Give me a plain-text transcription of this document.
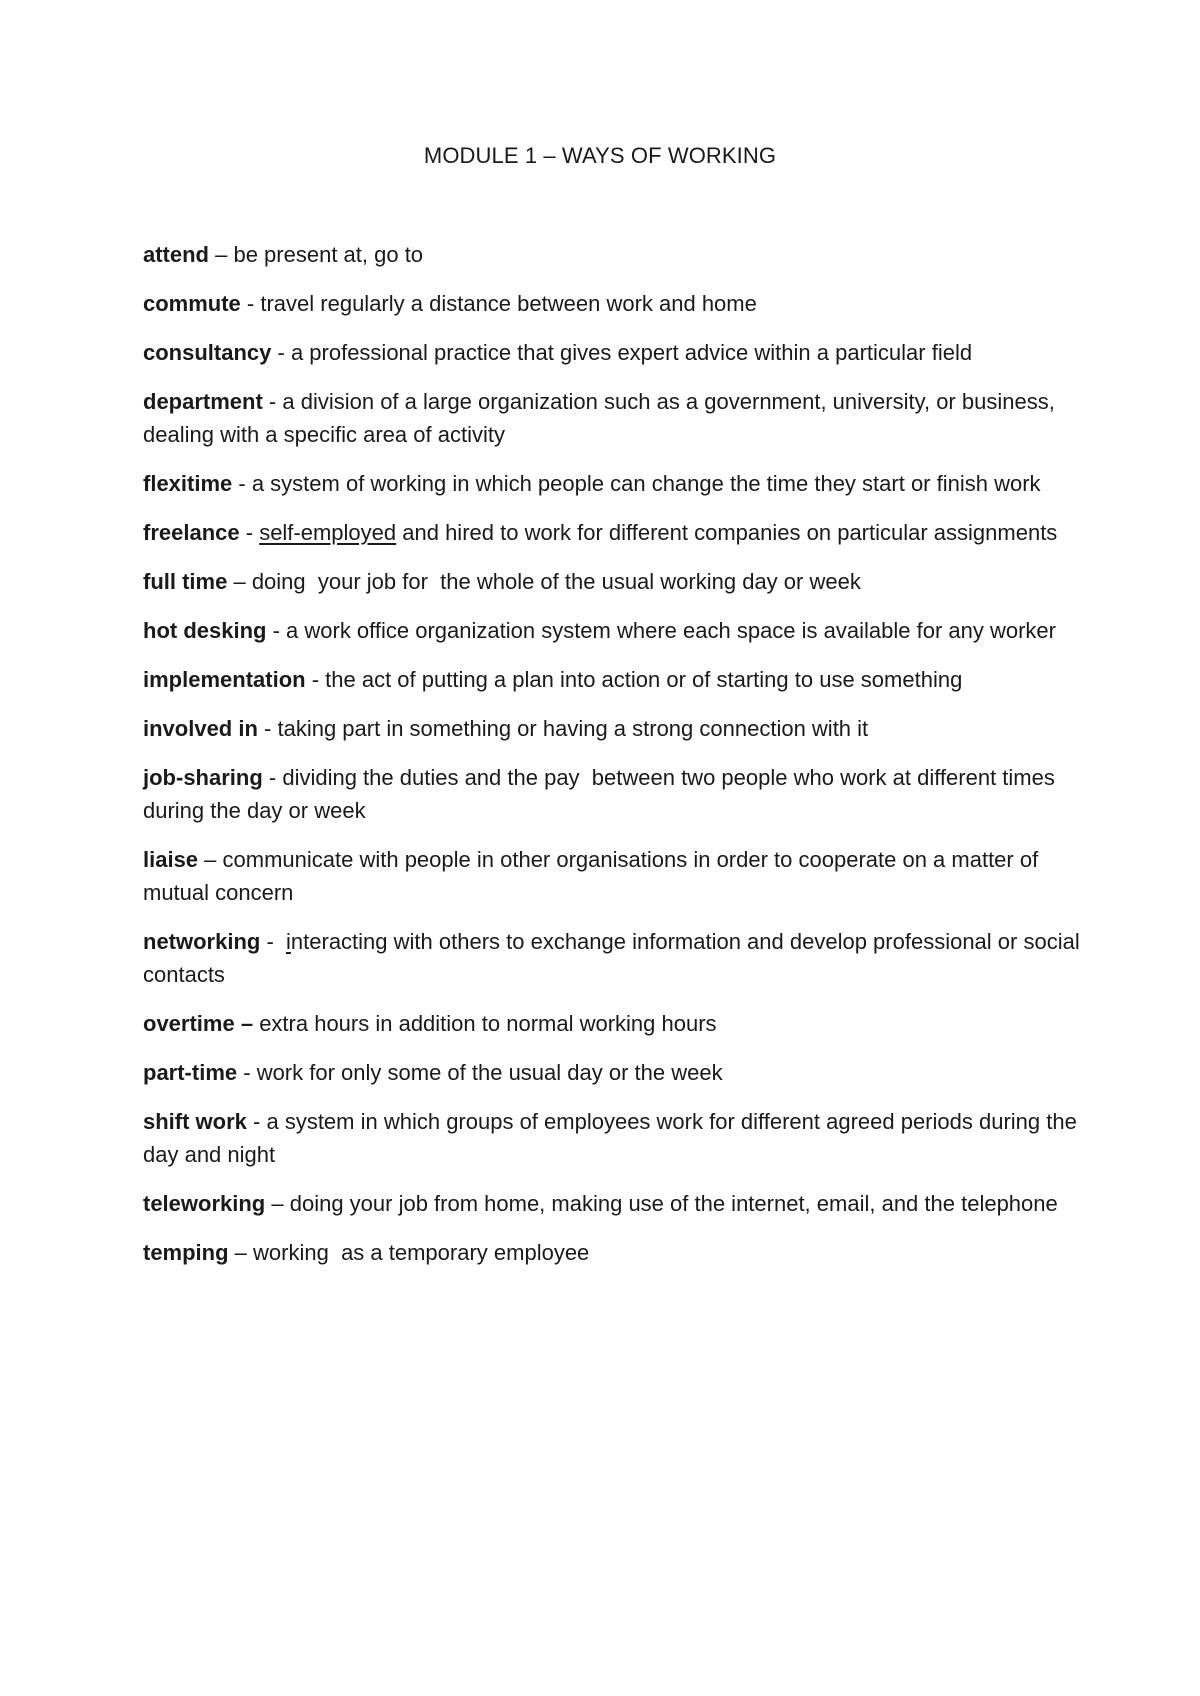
MODULE 1 – WAYS OF WORKING
attend – be present at, go to
commute - travel regularly a distance between work and home
consultancy - a professional practice that gives expert advice within a particular field
department - a division of a large organization such as a government, university, or business, dealing with a specific area of activity
flexitime - a system of working in which people can change the time they start or finish work
freelance - self-employed and hired to work for different companies on particular assignments
full time – doing  your job for  the whole of the usual working day or week
hot desking - a work office organization system where each space is available for any worker
implementation - the act of putting a plan into action or of starting to use something
involved in - taking part in something or having a strong connection with it
job-sharing - dividing the duties and the pay  between two people who work at different times during the day or week
liaise – communicate with people in other organisations in order to cooperate on a matter of mutual concern
networking -  interacting with others to exchange information and develop professional or social contacts
overtime – extra hours in addition to normal working hours
part-time - work for only some of the usual day or the week
shift work - a system in which groups of employees work for different agreed periods during the day and night
teleworking – doing your job from home, making use of the internet, email, and the telephone
temping – working  as a temporary employee
